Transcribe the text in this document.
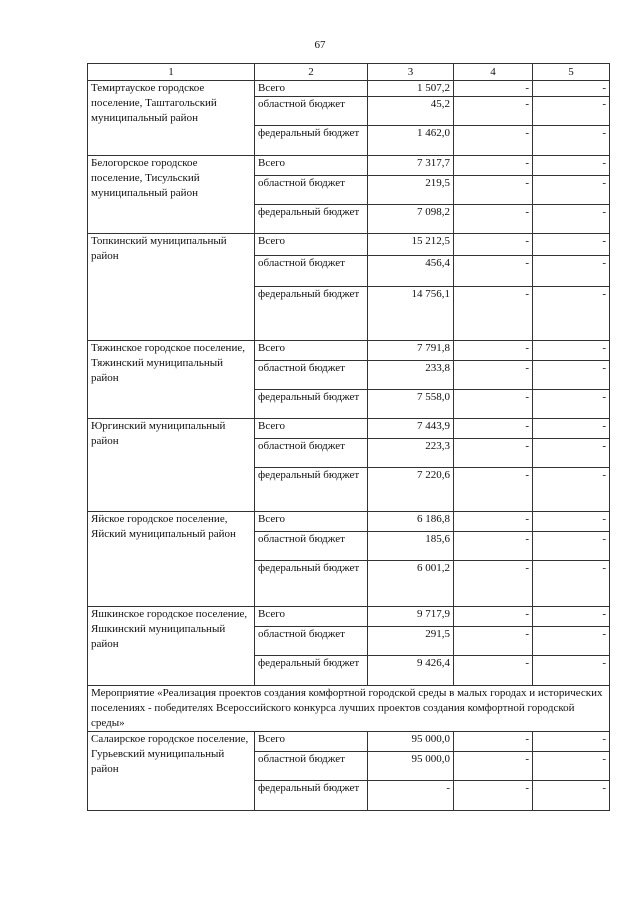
67
1	2	3	4	5
Темиртауское городское поселение, Таштагольский муниципальный район	Всего	1 507,2	-	-
	областной бюджет	45,2	-	-
	федеральный бюджет	1 462,0	-	-
Белогорское городское поселение, Тисульский муниципальный район	Всего	7 317,7	-	-
	областной бюджет	219,5	-	-
	федеральный бюджет	7 098,2	-	-
Топкинский муниципальный район	Всего	15 212,5	-	-
	областной бюджет	456,4	-	-
	федеральный бюджет	14 756,1	-	-
Тяжинское городское поселение, Тяжинский муниципальный район	Всего	7 791,8	-	-
	областной бюджет	233,8	-	-
	федеральный бюджет	7 558,0	-	-
Юргинский муниципальный район	Всего	7 443,9	-	-
	областной бюджет	223,3	-	-
	федеральный бюджет	7 220,6	-	-
Яйское городское поселение, Яйский муниципальный район	Всего	6 186,8	-	-
	областной бюджет	185,6	-	-
	федеральный бюджет	6 001,2	-	-
Яшкинское городское поселение, Яшкинский муниципальный район	Всего	9 717,9	-	-
	областной бюджет	291,5	-	-
	федеральный бюджет	9 426,4	-	-
Мероприятие «Реализация проектов создания комфортной городской среды в малых городах и исторических поселениях - победителях Всероссийского конкурса лучших проектов создания комфортной городской среды»				
Салаирское городское поселение, Гурьевский муниципальный район	Всего	95 000,0	-	-
	областной бюджет	95 000,0	-	-
	федеральный бюджет	-	-	-
